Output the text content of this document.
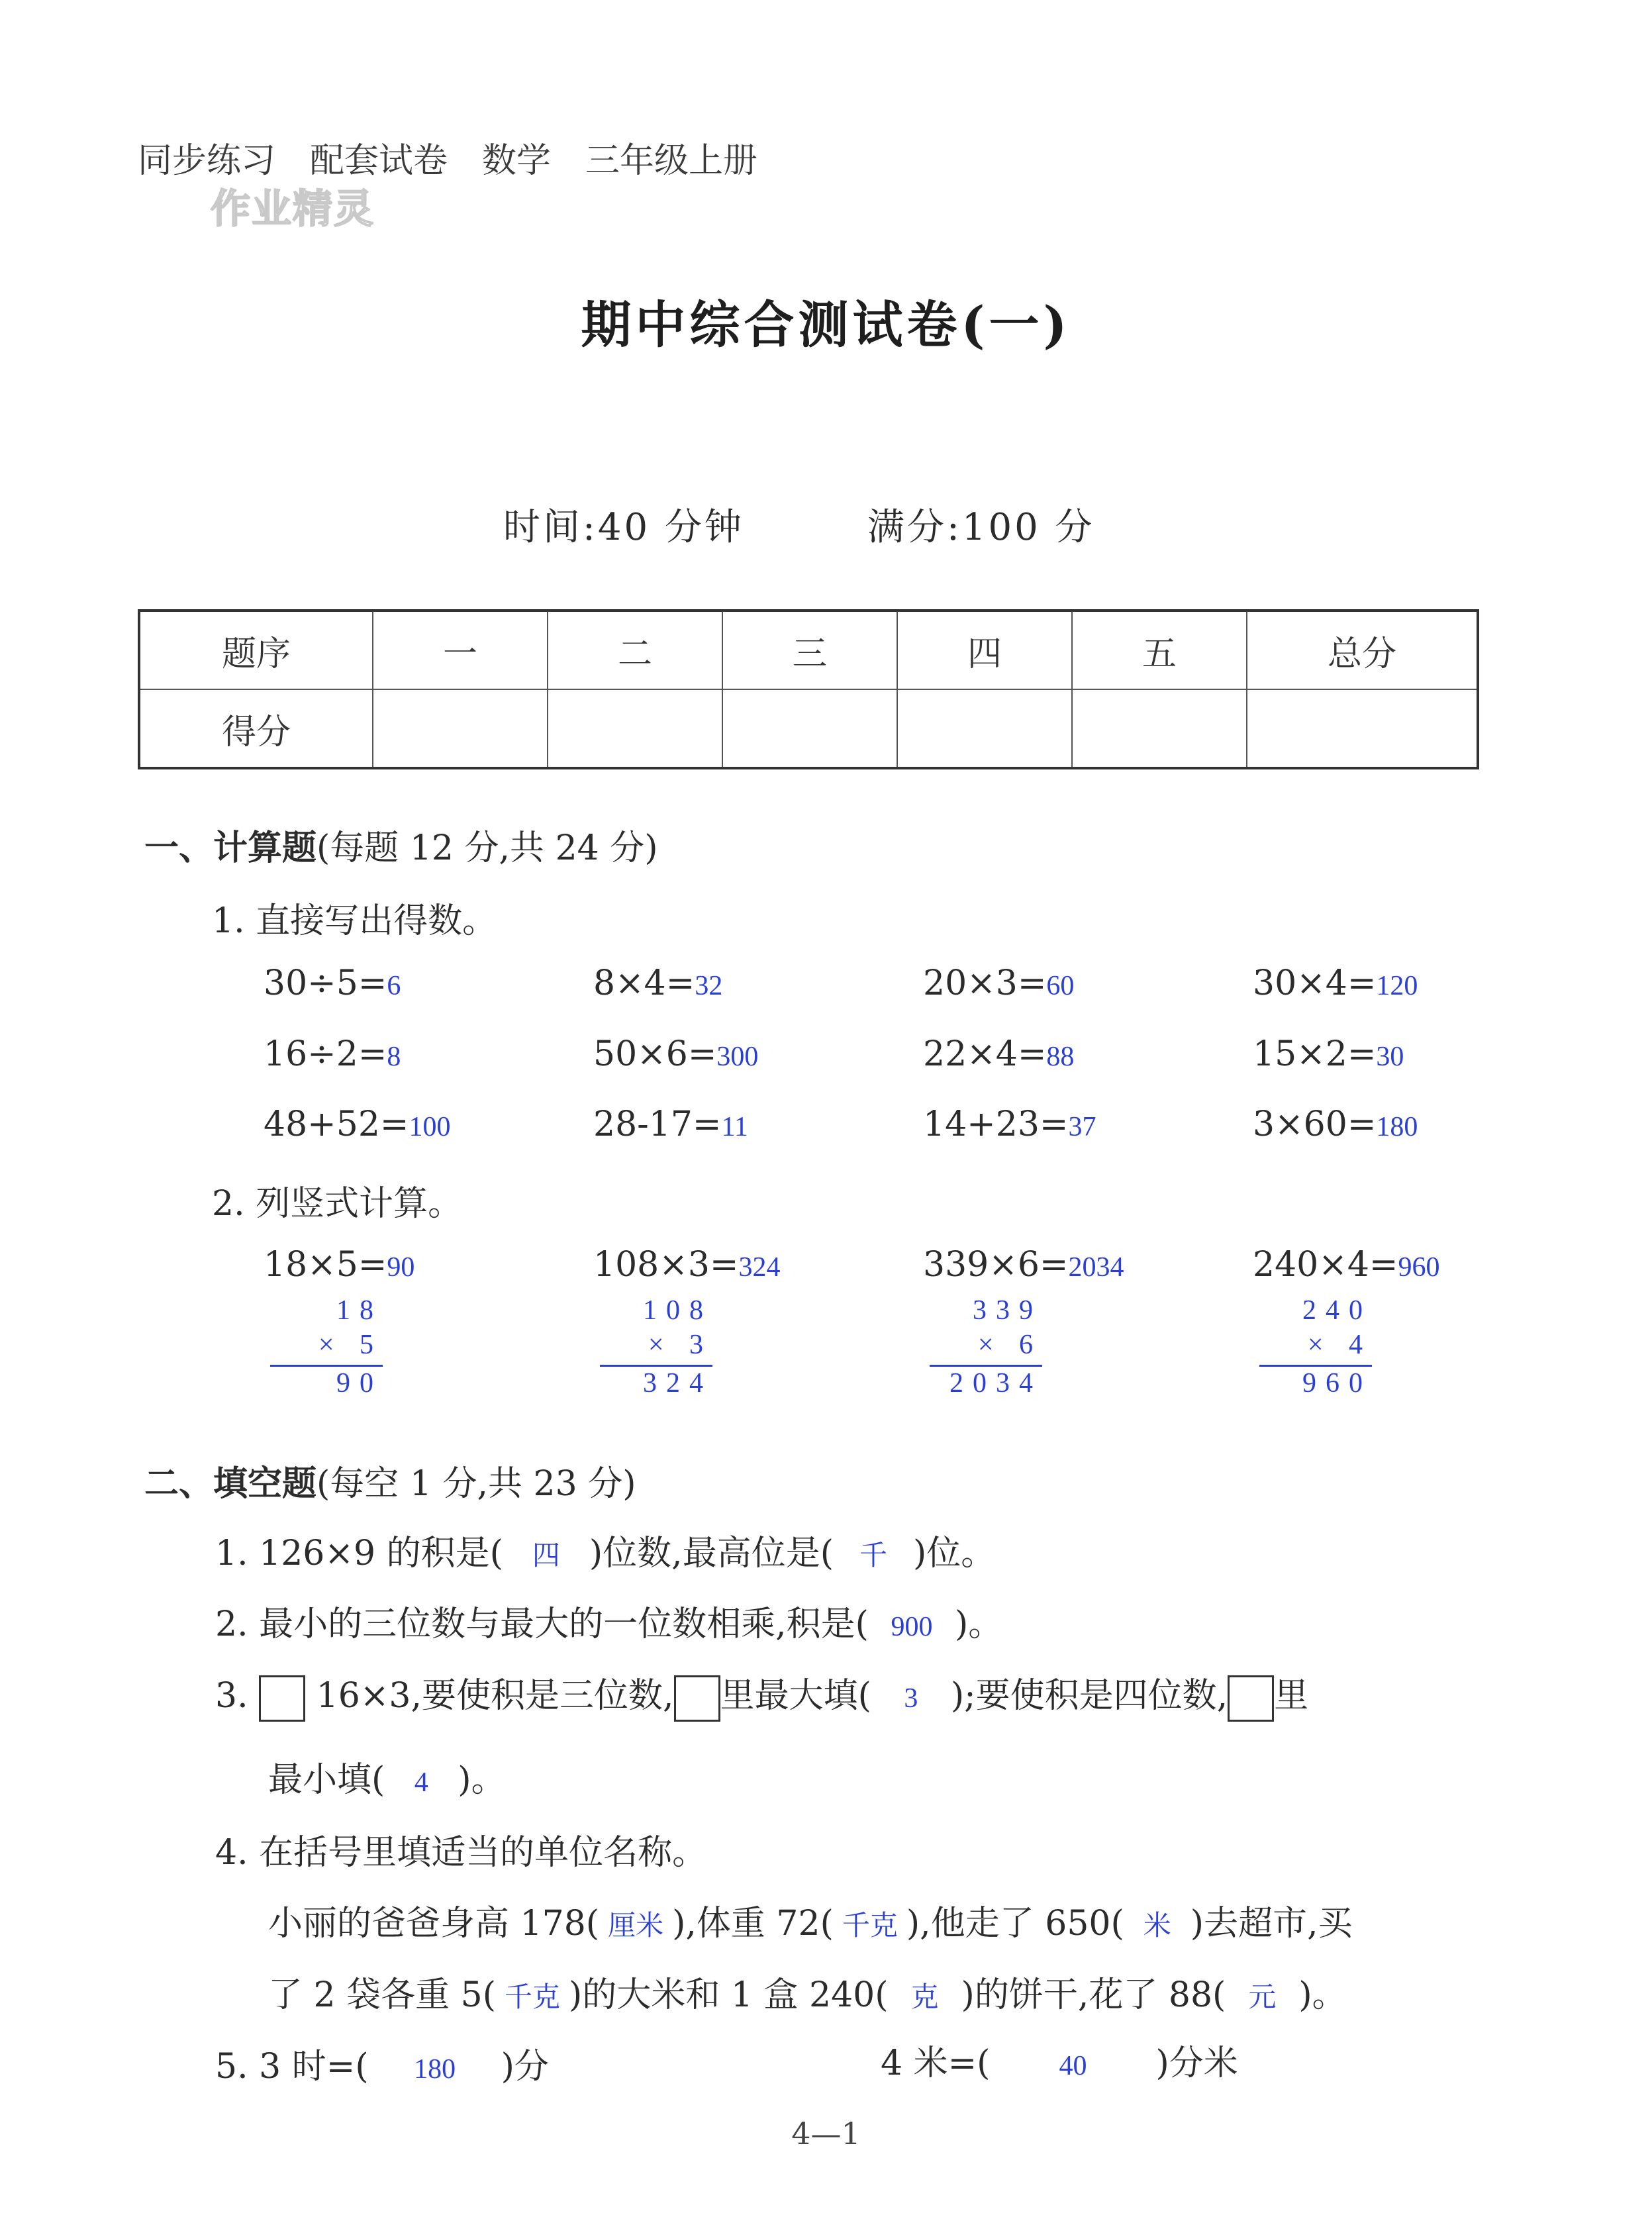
同步练习　配套试卷　数学　三年级上册
作业精灵
期中综合测试卷(一)
时间:40 分钟	满分:100 分
题序	一	二	三	四	五	总分
得分						
一、计算题(每题 12 分,共 24 分)
1. 直接写出得数。
30÷5=6	8×4=32	20×3=60	30×4=120
16÷2=8	50×6=300	22×4=88	15×2=30
48+52=100	28-17=11	14+23=37	3×60=180
2. 列竖式计算。
18×5=90
18
× 5
90
108×3=324
108
× 3
324
339×6=2034
339
× 6
2034
240×4=960
240
× 4
960
二、填空题(每空 1 分,共 23 分)
1. 126×9 的积是( 四 )位数,最高位是( 千 )位。
2. 最小的三位数与最大的一位数相乘,积是( 900 )。
3. 16×3,要使积是三位数, 里最大填( 3 );要使积是四位数, 里
最小填( 4 )。
4. 在括号里填适当的单位名称。
小丽的爸爸身高 178( 厘米 ),体重 72( 千克 ),他走了 650( 米 )去超市,买
了 2 袋各重 5( 千克 )的大米和 1 盒 240( 克 )的饼干,花了 88( 元 )。
5. 3 时=( 180 )分	4 米=( 40 )分米
4—1
